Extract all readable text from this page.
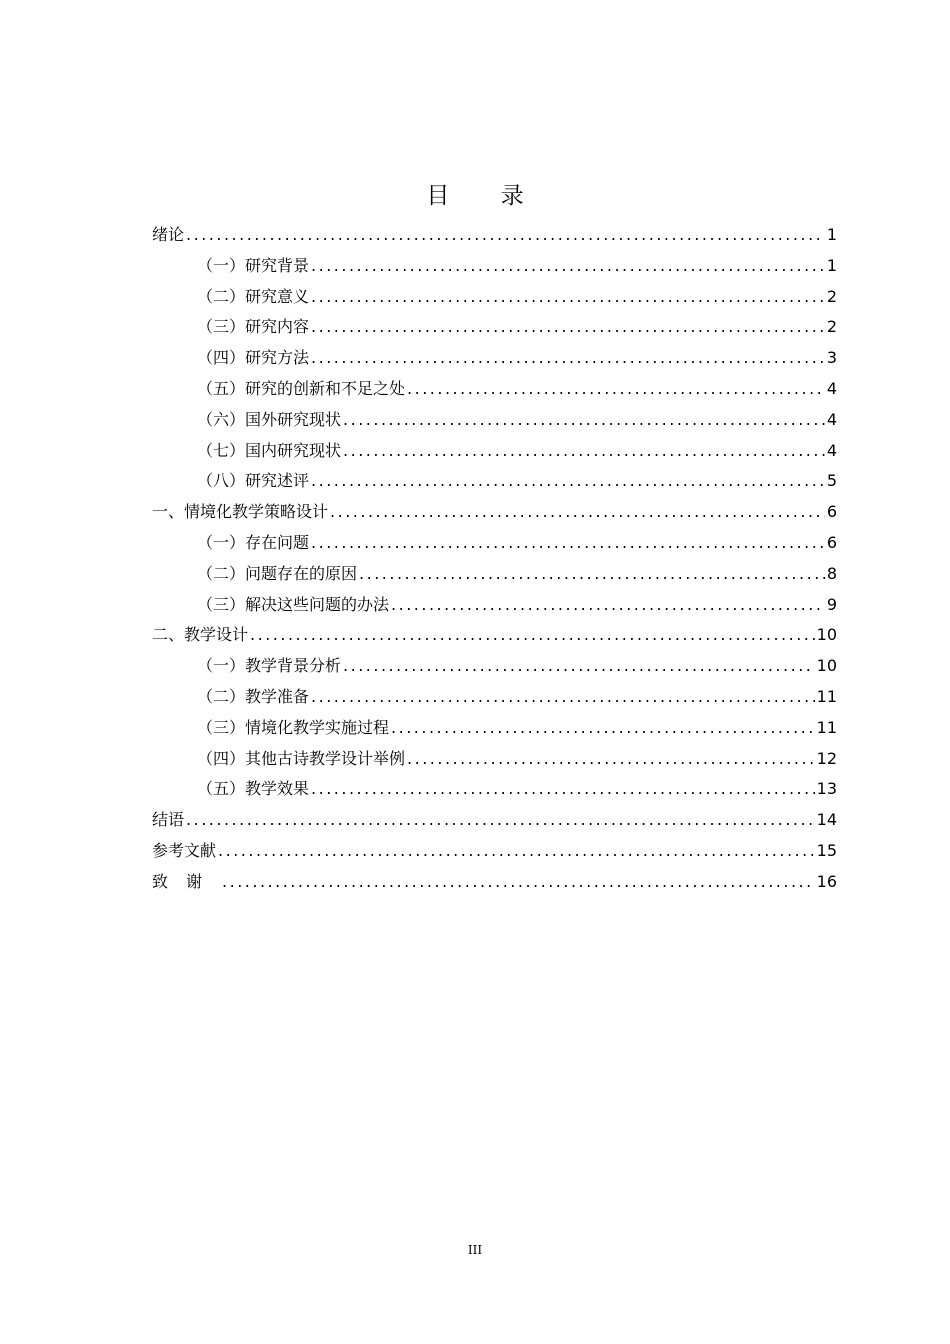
目 录
绪论 .....	1
（一） 研究背景 .....	1
（二） 研究意义 .....	2
（三） 研究内容 .....	2
（四） 研究方法 .....	3
（五） 研究的创新和不足之处 .....	4
（六） 国外研究现状 .....	4
（七） 国内研究现状 .....	4
（八） 研究述评 .....	5
一、 情境化教学策略设计 .....	6
（一） 存在问题 .....	6
（二） 问题存在的原因 .....	8
（三） 解决这些问题的办法 .....	9
二、 教学设计 .....	10
（一） 教学背景分析 .....	10
（二） 教学准备 .....	11
（三） 情境化教学实施过程 .....	11
（四） 其他古诗教学设计举例 .....	12
（五） 教学效果 .....	13
结语 .....	14
参考文献 .....	15
致谢 .....	16
III
